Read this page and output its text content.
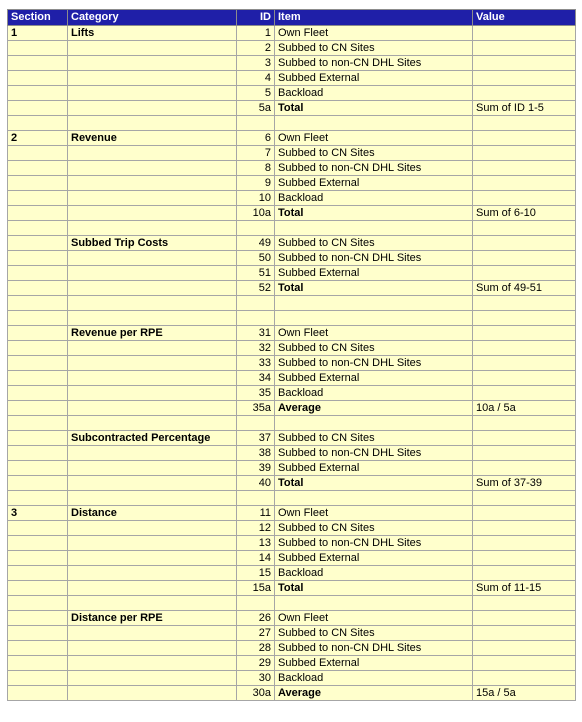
Section	Category	ID	Item	Value
1	Lifts	1	Own Fleet	
		2	Subbed to CN Sites	
		3	Subbed to non-CN DHL Sites	
		4	Subbed External	
		5	Backload	
		5a	Total	Sum of ID 1-5

2	Revenue	6	Own Fleet	
		7	Subbed to CN Sites	
		8	Subbed to non-CN DHL Sites	
		9	Subbed External	
		10	Backload	
		10a	Total	Sum of 6-10

	Subbed Trip Costs	49	Subbed to CN Sites	
		50	Subbed to non-CN DHL Sites	
		51	Subbed External	
		52	Total	Sum of 49-51

	Revenue per RPE	31	Own Fleet	
		32	Subbed to CN Sites	
		33	Subbed to non-CN DHL Sites	
		34	Subbed External	
		35	Backload	
		35a	Average	10a / 5a

	Subcontracted Percentage	37	Subbed to CN Sites	
		38	Subbed to non-CN DHL Sites	
		39	Subbed External	
		40	Total	Sum of 37-39

3	Distance	11	Own Fleet	
		12	Subbed to CN Sites	
		13	Subbed to non-CN DHL Sites	
		14	Subbed External	
		15	Backload	
		15a	Total	Sum of 11-15

	Distance per RPE	26	Own Fleet	
		27	Subbed to CN Sites	
		28	Subbed to non-CN DHL Sites	
		29	Subbed External	
		30	Backload	
		30a	Average	15a / 5a
